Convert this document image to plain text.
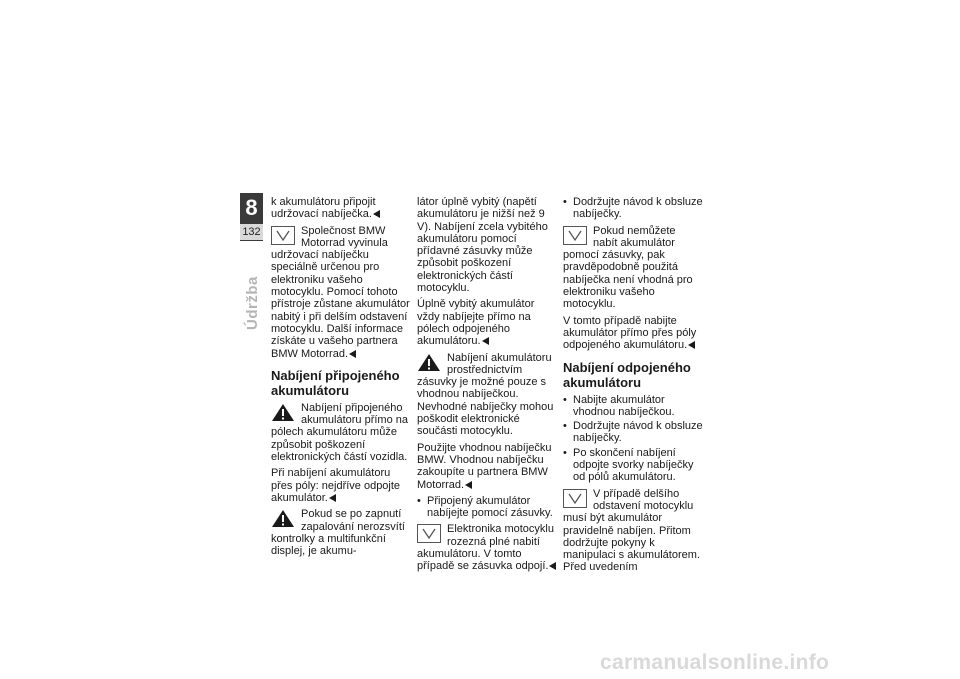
8
132
Údržba

k akumulátoru připojit udržovací nabíječka.

Společnost BMW Motorrad vyvinula udržovací nabíječku speciálně určenou pro elektroniku vašeho motocyklu. Pomocí tohoto přístroje zůstane akumulátor nabitý i při delším odstavení motocyklu. Další informace získáte u vašeho partnera BMW Motorrad.
Nabíjení připojeného akumulátoru
Nabíjení připojeného akumulátoru přímo na pólech akumulátoru může způsobit poškození elektronických částí vozidla.

Při nabíjení akumulátoru přes póly: nejdříve odpojte akumulátor.

Pokud se po zapnutí zapalování nerozsvítí kontrolky a multifunkční displej, je akumu-

látor úplně vybitý (napětí akumulátoru je nižší než 9 V). Nabíjení zcela vybitého akumulátoru pomocí přídavné zásuvky může způsobit poškození elektronických částí motocyklu.

Úplně vybitý akumulátor vždy nabíjejte přímo na pólech odpojeného akumulátoru.

Nabíjení akumulátoru prostřednictvím zásuvky je možné pouze s vhodnou nabíječkou. Nevhodné nabíječky mohou poškodit elektronické součásti motocyklu.

Použijte vhodnou nabíječku
BMW. Vhodnou nabíječku zakoupíte u partnera BMW Motorrad.

• Připojený akumulátor nabíjejte pomocí zásuvky.
Elektronika motocyklu rozezná plné nabití akumulátoru. V tomto případě se zásuvka odpojí.
• Dodržujte návod k obsluze nabíječky.
Pokud nemůžete nabít akumulátor pomocí zásuvky, pak pravděpodobně použitá nabíječka není vhodná pro elektroniku vašeho motocyklu.

V tomto případě nabijte akumulátor přímo přes póly odpojeného akumulátoru.

Nabíjení odpojeného akumulátoru
• Nabijte akumulátor vhodnou nabíječkou.
• Dodržujte návod k obsluze nabíječky.
• Po skončení nabíjení odpojte svorky nabíječky od pólů akumulátoru.
V případě delšího odstavení motocyklu musí být akumulátor pravidelně nabíjen. Přitom dodržujte pokyny k manipulaci s akumulátorem. Před uvedením
carmanualsonline.info
